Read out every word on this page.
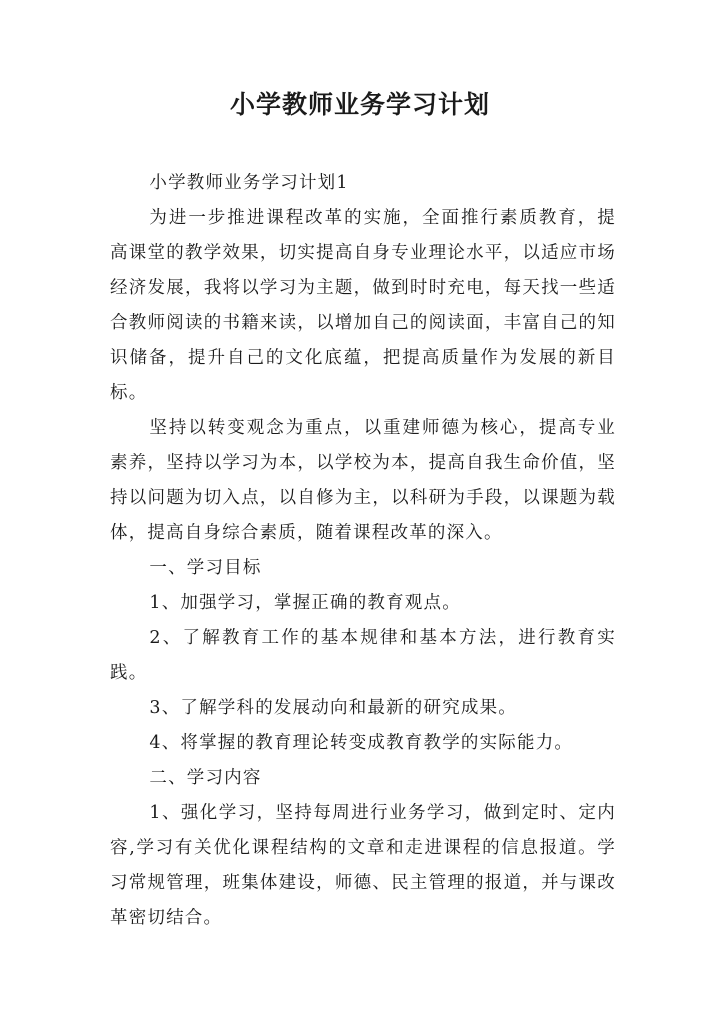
小学教师业务学习计划

小学教师业务学习计划1

为进一步推进课程改革的实施，全面推行素质教育，提高课堂的教学效果，切实提高自身专业理论水平，以适应市场经济发展，我将以学习为主题，做到时时充电，每天找一些适合教师阅读的书籍来读，以增加自己的阅读面，丰富自己的知识储备，提升自己的文化底蕴，把提高质量作为发展的新目标。

坚持以转变观念为重点，以重建师德为核心，提高专业素养，坚持以学习为本，以学校为本，提高自我生命价值，坚持以问题为切入点，以自修为主，以科研为手段，以课题为载体，提高自身综合素质，随着课程改革的深入。

一、学习目标

1、加强学习，掌握正确的教育观点。

2、了解教育工作的基本规律和基本方法，进行教育实践。

3、了解学科的发展动向和最新的研究成果。

4、将掌握的教育理论转变成教育教学的实际能力。

二、学习内容

1、强化学习，坚持每周进行业务学习，做到定时、定内容,学习有关优化课程结构的文章和走进课程的信息报道。学习常规管理，班集体建设，师德、民主管理的报道，并与课改革密切结合。
